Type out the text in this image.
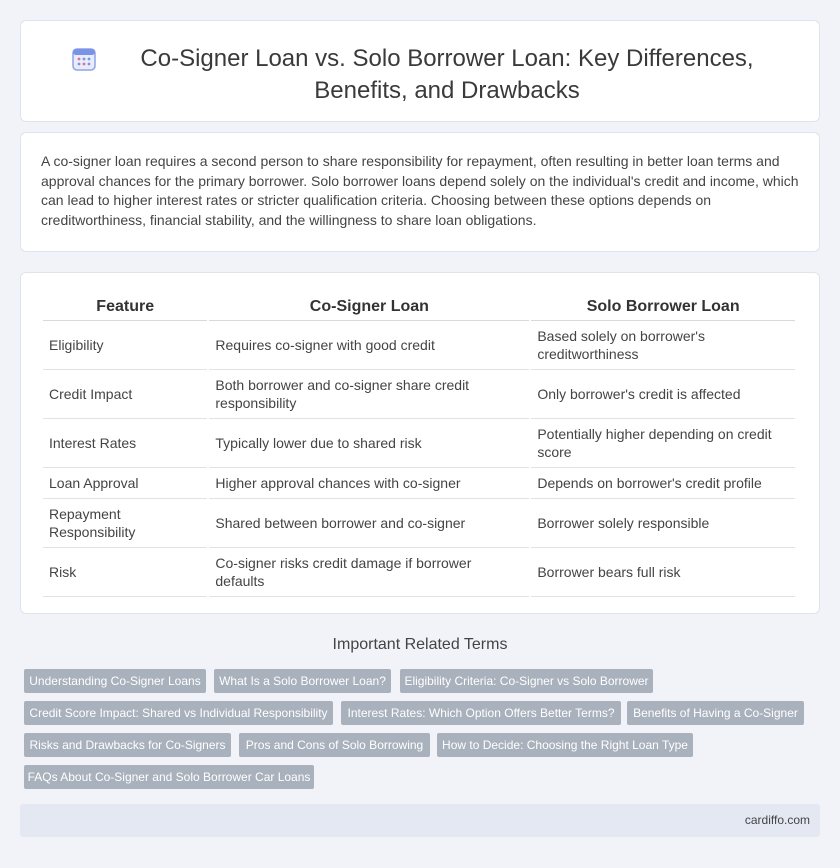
Co-Signer Loan vs. Solo Borrower Loan: Key Differences, Benefits, and Drawbacks

A co-signer loan requires a second person to share responsibility for repayment, often resulting in better loan terms and approval chances for the primary borrower. Solo borrower loans depend solely on the individual's credit and income, which can lead to higher interest rates or stricter qualification criteria. Choosing between these options depends on creditworthiness, financial stability, and the willingness to share loan obligations.

Feature	Co-Signer Loan	Solo Borrower Loan
Eligibility	Requires co-signer with good credit	Based solely on borrower's creditworthiness
Credit Impact	Both borrower and co-signer share credit responsibility	Only borrower's credit is affected
Interest Rates	Typically lower due to shared risk	Potentially higher depending on credit score
Loan Approval	Higher approval chances with co-signer	Depends on borrower's credit profile
Repayment Responsibility	Shared between borrower and co-signer	Borrower solely responsible
Risk	Co-signer risks credit damage if borrower defaults	Borrower bears full risk
Important Related Terms
Understanding Co-Signer Loans	What Is a Solo Borrower Loan?	Eligibility Criteria: Co-Signer vs Solo Borrower
Credit Score Impact: Shared vs Individual Responsibility	Interest Rates: Which Option Offers Better Terms?	Benefits of Having a Co-Signer
Risks and Drawbacks for Co-Signers	Pros and Cons of Solo Borrowing	How to Decide: Choosing the Right Loan Type
FAQs About Co-Signer and Solo Borrower Car Loans
cardiffo.com
